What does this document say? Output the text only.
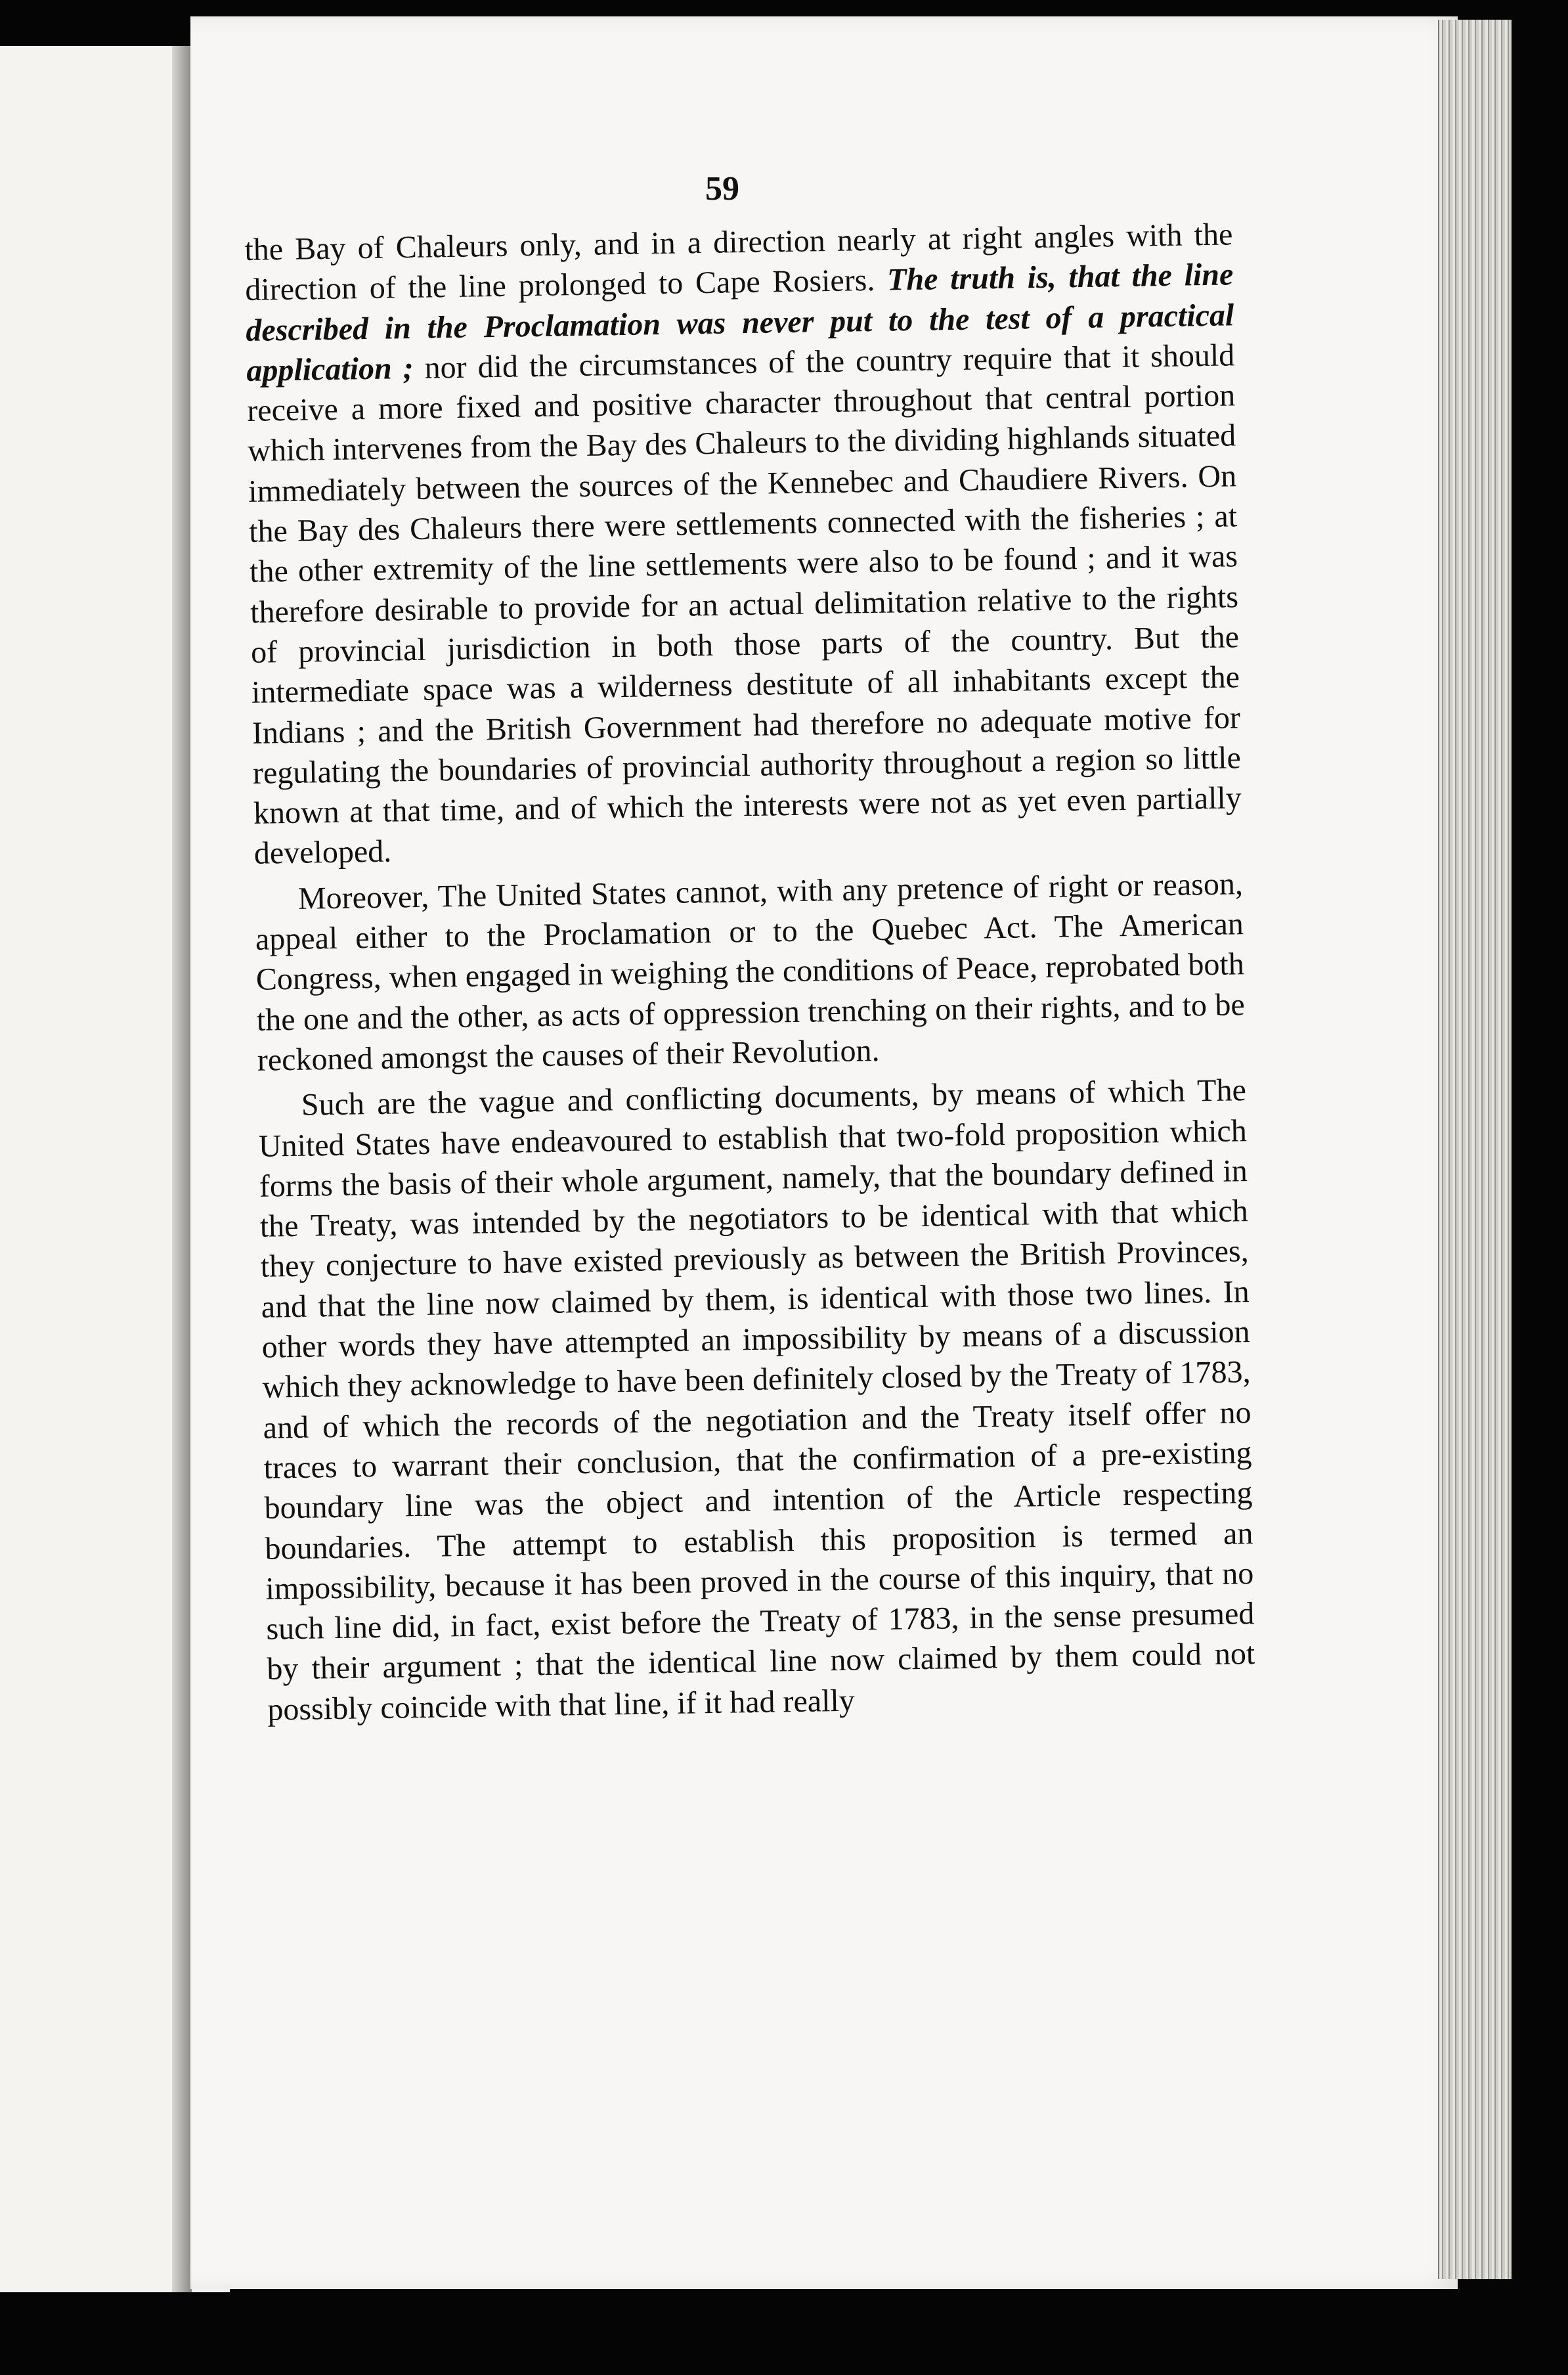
59

the Bay of Chaleurs only, and in a direction nearly at right angles with the direction of the line prolonged to Cape Rosiers. The truth is, that the line described in the Proclamation was never put to the test of a practical application ; nor did the circumstances of the country require that it should receive a more fixed and positive character throughout that central portion which intervenes from the Bay des Chaleurs to the dividing highlands situated immediately between the sources of the Kennebec and Chaudiere Rivers. On the Bay des Chaleurs there were settlements connected with the fisheries ; at the other extremity of the line settlements were also to be found ; and it was therefore desirable to provide for an actual delimitation relative to the rights of provincial jurisdiction in both those parts of the country. But the intermediate space was a wilderness destitute of all inhabitants except the Indians ; and the British Government had therefore no adequate motive for regulating the boundaries of provincial authority throughout a region so little known at that time, and of which the interests were not as yet even partially developed.

Moreover, The United States cannot, with any pretence of right or reason, appeal either to the Proclamation or to the Quebec Act. The American Congress, when engaged in weighing the conditions of Peace, reprobated both the one and the other, as acts of oppression trenching on their rights, and to be reckoned amongst the causes of their Revolution.

Such are the vague and conflicting documents, by means of which The United States have endeavoured to establish that two-fold proposition which forms the basis of their whole argument, namely, that the boundary defined in the Treaty, was intended by the negotiators to be identical with that which they conjecture to have existed previously as between the British Provinces, and that the line now claimed by them, is identical with those two lines. In other words they have attempted an impossibility by means of a discussion which they acknowledge to have been definitely closed by the Treaty of 1783, and of which the records of the negotiation and the Treaty itself offer no traces to warrant their conclusion, that the confirmation of a pre-existing boundary line was the object and intention of the Article respecting boundaries. The attempt to establish this proposition is termed an impossibility, because it has been proved in the course of this inquiry, that no such line did, in fact, exist before the Treaty of 1783, in the sense presumed by their argument ; that the identical line now claimed by them could not possibly coincide with that line, if it had really
